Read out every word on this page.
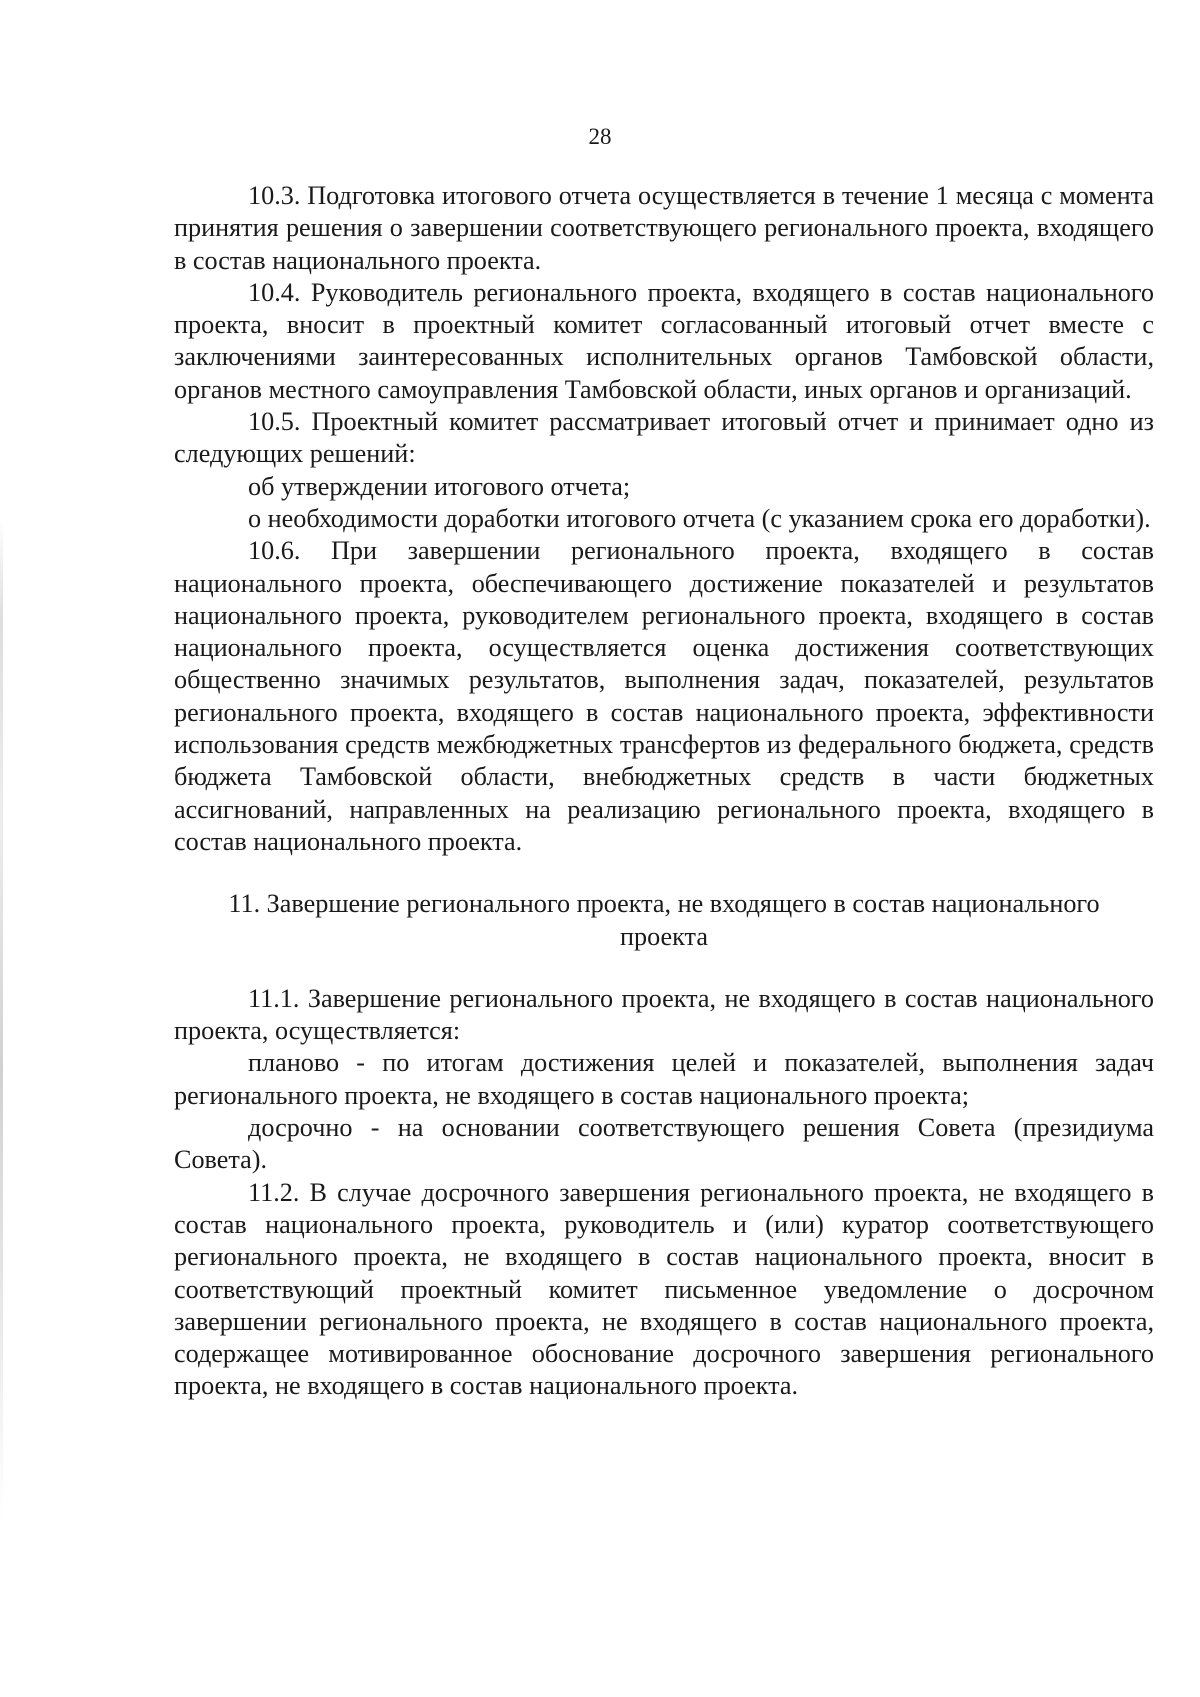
28

10.3. Подготовка итогового отчета осуществляется в течение 1 месяца с момента принятия решения о завершении соответствующего регионального проекта, входящего в состав национального проекта.

10.4. Руководитель регионального проекта, входящего в состав национального проекта, вносит в проектный комитет согласованный итоговый отчет вместе с заключениями заинтересованных исполнительных органов Тамбовской области, органов местного самоуправления Тамбовской области, иных органов и организаций.

10.5. Проектный комитет рассматривает итоговый отчет и принимает одно из следующих решений:

об утверждении итогового отчета;

о необходимости доработки итогового отчета (с указанием срока его доработки).

10.6. При завершении регионального проекта, входящего в состав национального проекта, обеспечивающего достижение показателей и результатов национального проекта, руководителем регионального проекта, входящего в состав национального проекта, осуществляется оценка достижения соответствующих общественно значимых результатов, выполнения задач, показателей, результатов регионального проекта, входящего в состав национального проекта, эффективности использования средств межбюджетных трансфертов из федерального бюджета, средств бюджета Тамбовской области, внебюджетных средств в части бюджетных ассигнований, направленных на реализацию регионального проекта, входящего в состав национального проекта.

11. Завершение регионального проекта, не входящего в состав национального проекта

11.1. Завершение регионального проекта, не входящего в состав национального проекта, осуществляется:

планово - по итогам достижения целей и показателей, выполнения задач регионального проекта, не входящего в состав национального проекта;

досрочно - на основании соответствующего решения Совета (президиума Совета).

11.2. В случае досрочного завершения регионального проекта, не входящего в состав национального проекта, руководитель и (или) куратор соответствующего регионального проекта, не входящего в состав национального проекта, вносит в соответствующий проектный комитет письменное уведомление о досрочном завершении регионального проекта, не входящего в состав национального проекта, содержащее мотивированное обоснование досрочного завершения регионального проекта, не входящего в состав национального проекта.
